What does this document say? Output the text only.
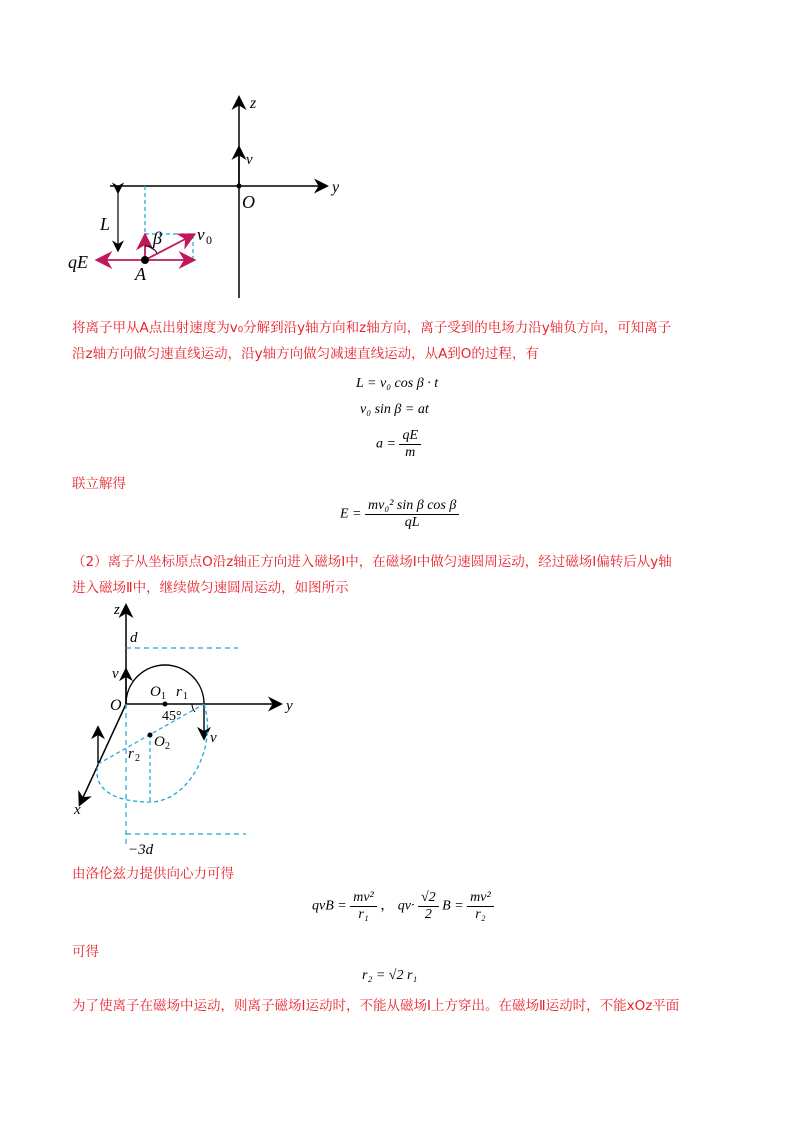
z
v
y
O
L
β v 0
qE
A
将离子甲从A点出射速度为v₀分解到沿y轴方向和z轴方向，离子受到的电场力沿y轴负方向，可知离子
沿z轴方向做匀速直线运动，沿y轴方向做匀减速直线运动，从A到O的过程，有
L = v₀ cos β · t
v₀ sin β = at
$a = \frac{qE}{m}$
联立解得
$E = \frac{\text{mv₀² sin β cos β}}{qL}$
（2）离子从坐标原点O沿z轴正方向进入磁场Ⅰ中，在磁场Ⅰ中做匀速圆周运动，经过磁场Ⅰ偏转后从y轴
进入磁场Ⅱ中，继续做匀速圆周运动，如图所示
z
d
v
O
O 1 r 1
y
45°
O 2
v
r 2
x
−3d
由洛伦兹力提供向心力可得
qvB = $\frac{\text{mv²}}{\text{r₁}}$ ， $qv\cdot \frac{√2}{2}$ $B = \frac{\text{mv²}}{\text{r₂}}$
可得
r₂ = √2 r₁
为了使离子在磁场中运动，则离子磁场Ⅰ运动时，不能从磁场Ⅰ上方穿出。在磁场Ⅱ运动时，不能xOz平面
